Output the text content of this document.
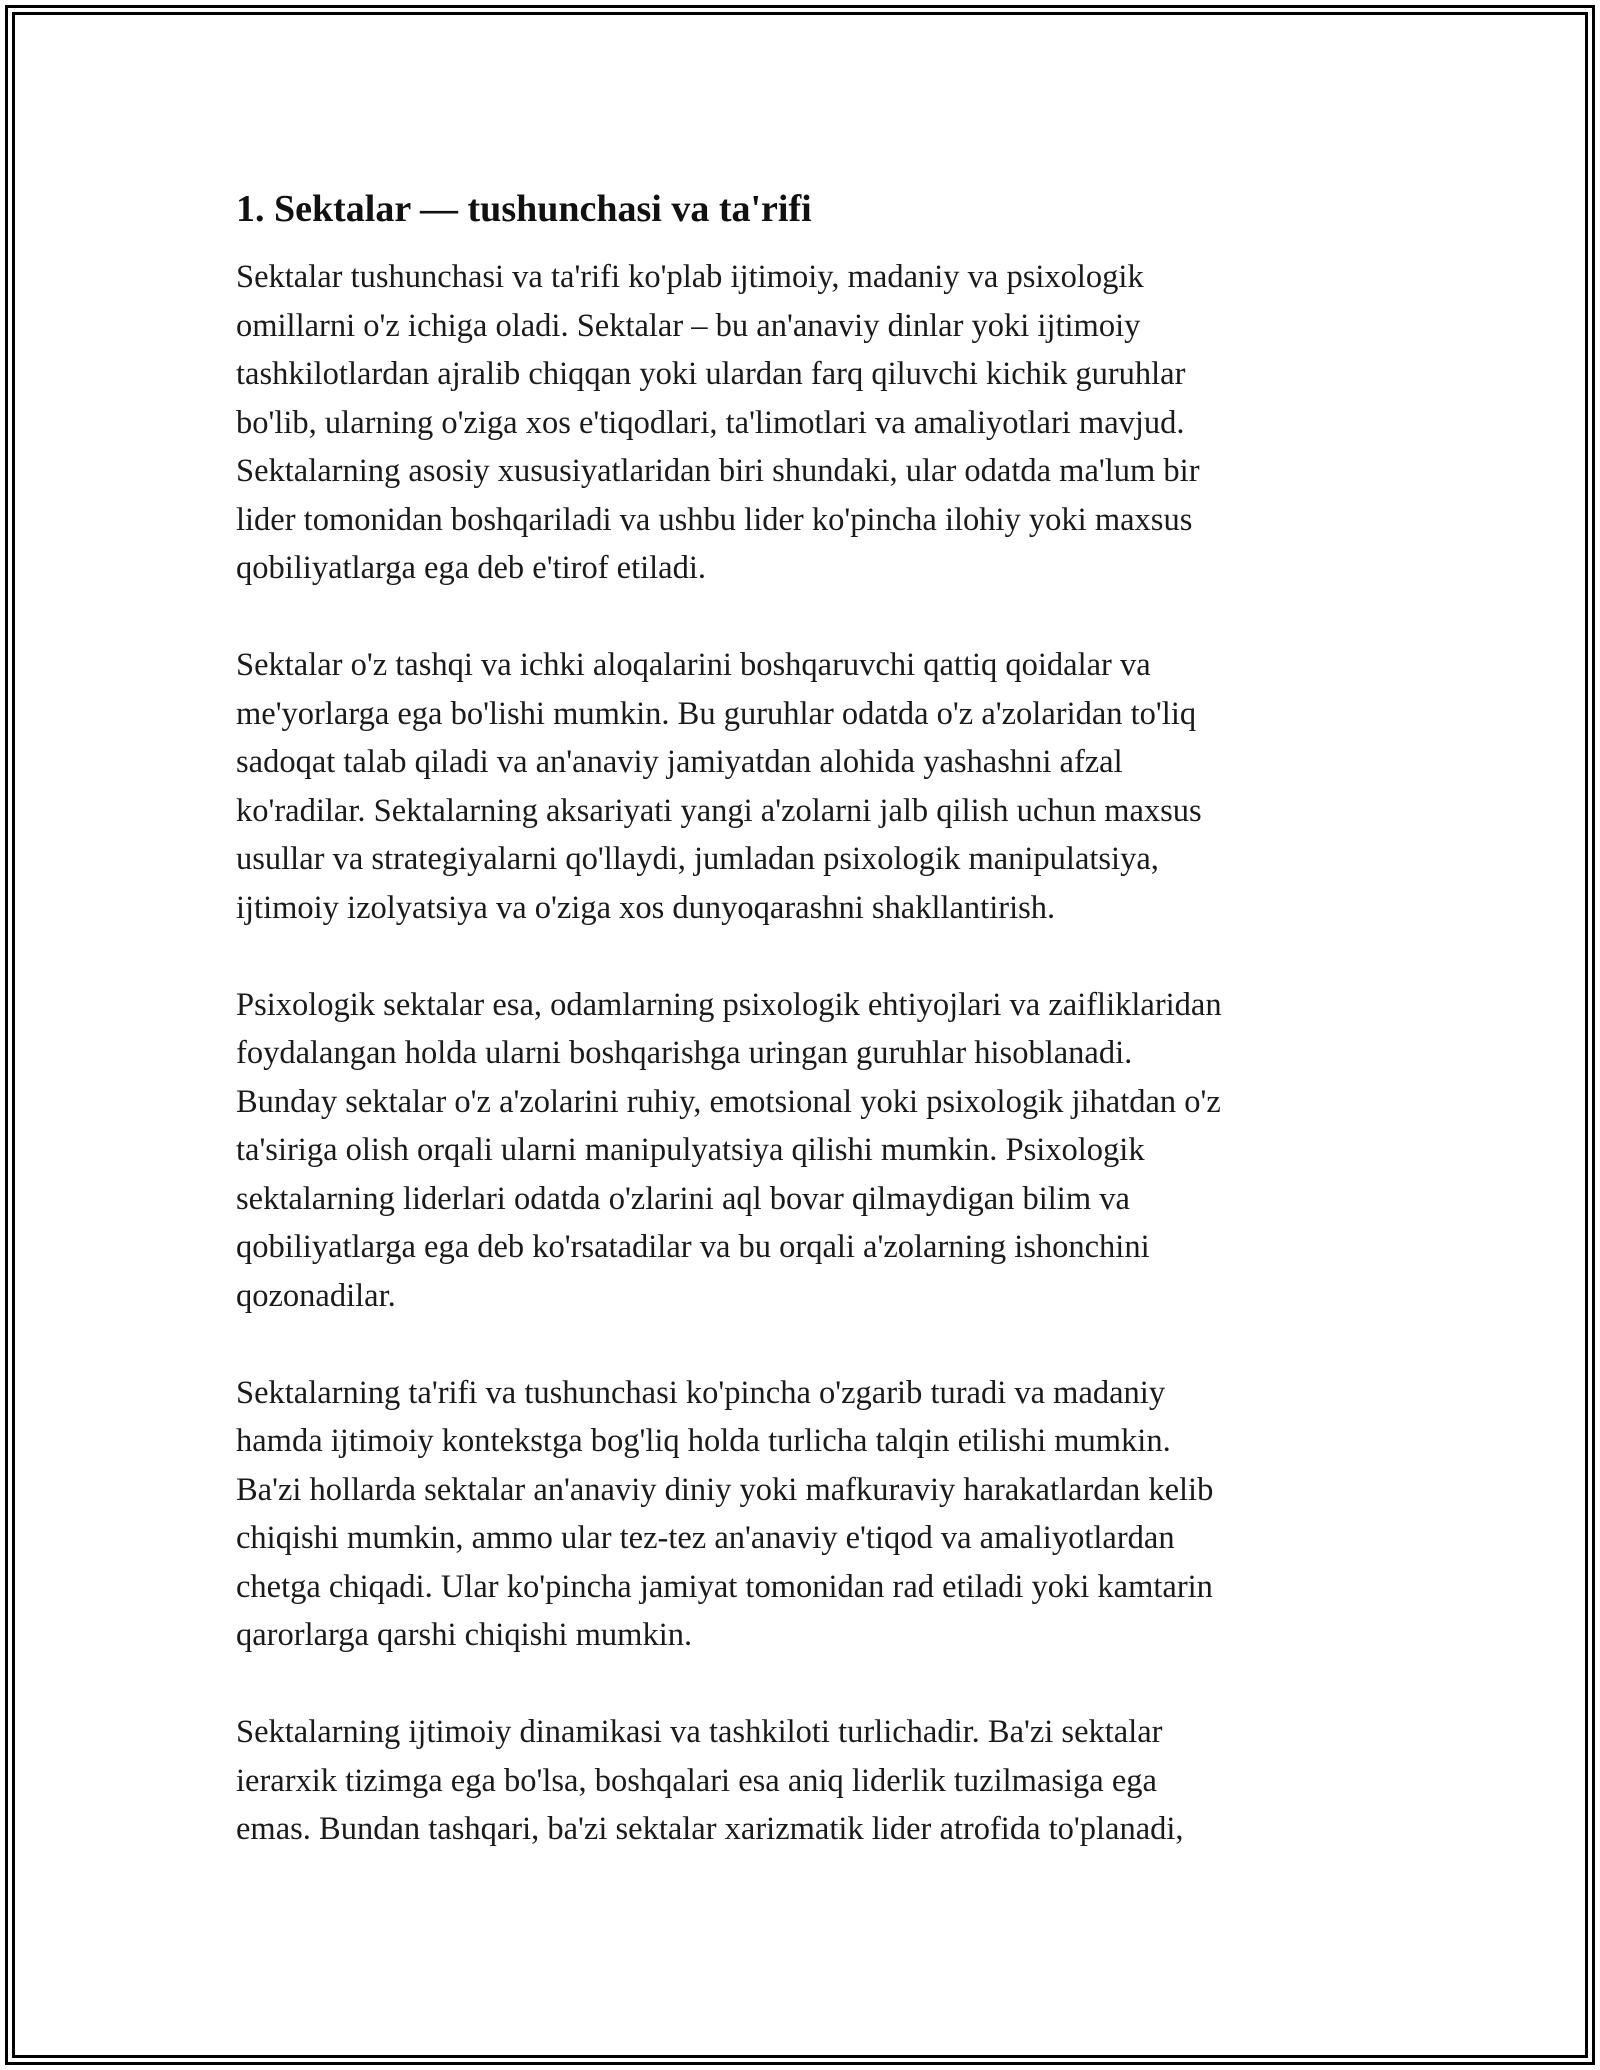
1. Sektalar — tushunchasi va ta'rifi
Sektalar tushunchasi va ta'rifi ko'plab ijtimoiy, madaniy va psixologik
omillarni o'z ichiga oladi. Sektalar – bu an'anaviy dinlar yoki ijtimoiy
tashkilotlardan ajralib chiqqan yoki ulardan farq qiluvchi kichik guruhlar
bo'lib, ularning o'ziga xos e'tiqodlari, ta'limotlari va amaliyotlari mavjud.
Sektalarning asosiy xususiyatlaridan biri shundaki, ular odatda ma'lum bir
lider tomonidan boshqariladi va ushbu lider ko'pincha ilohiy yoki maxsus
qobiliyatlarga ega deb e'tirof etiladi.
Sektalar o'z tashqi va ichki aloqalarini boshqaruvchi qattiq qoidalar va
me'yorlarga ega bo'lishi mumkin. Bu guruhlar odatda o'z a'zolaridan to'liq
sadoqat talab qiladi va an'anaviy jamiyatdan alohida yashashni afzal
ko'radilar. Sektalarning aksariyati yangi a'zolarni jalb qilish uchun maxsus
usullar va strategiyalarni qo'llaydi, jumladan psixologik manipulatsiya,
ijtimoiy izolyatsiya va o'ziga xos dunyoqarashni shakllantirish.
Psixologik sektalar esa, odamlarning psixologik ehtiyojlari va zaifliklaridan
foydalangan holda ularni boshqarishga uringan guruhlar hisoblanadi.
Bunday sektalar o'z a'zolarini ruhiy, emotsional yoki psixologik jihatdan o'z
ta'siriga olish orqali ularni manipulyatsiya qilishi mumkin. Psixologik
sektalarning liderlari odatda o'zlarini aql bovar qilmaydigan bilim va
qobiliyatlarga ega deb ko'rsatadilar va bu orqali a'zolarning ishonchini
qozonadilar.
Sektalarning ta'rifi va tushunchasi ko'pincha o'zgarib turadi va madaniy
hamda ijtimoiy kontekstga bog'liq holda turlicha talqin etilishi mumkin.
Ba'zi hollarda sektalar an'anaviy diniy yoki mafkuraviy harakatlardan kelib
chiqishi mumkin, ammo ular tez-tez an'anaviy e'tiqod va amaliyotlardan
chetga chiqadi. Ular ko'pincha jamiyat tomonidan rad etiladi yoki kamtarin
qarorlarga qarshi chiqishi mumkin.
Sektalarning ijtimoiy dinamikasi va tashkiloti turlichadir. Ba'zi sektalar
ierarxik tizimga ega bo'lsa, boshqalari esa aniq liderlik tuzilmasiga ega
emas. Bundan tashqari, ba'zi sektalar xarizmatik lider atrofida to'planadi,
